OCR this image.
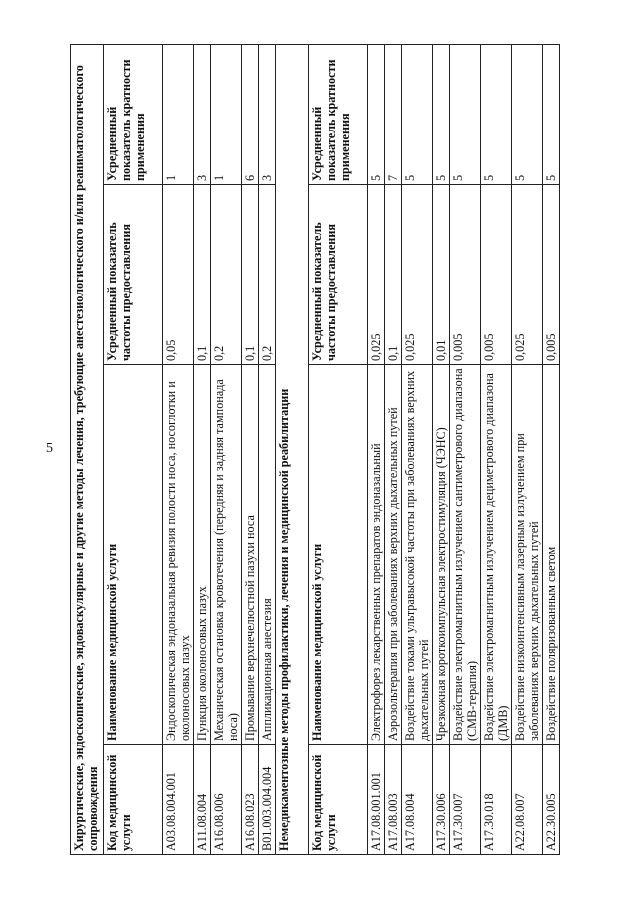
5 Хирургические, эндоскопические, эндоваскулярные и другие методы лечения, требующие анестезиологического и/или реаниматологического сопровождения			
Код медицинской услуги	Наименование медицинской услуги	Усредненный показатель частоты предоставления	Усредненный показатель кратности применения
A03.08.004.001	Эндоскопическая эндоназальная ревизия полости носа, носоглотки и околоносовых пазух	0,05	1
A11.08.004	Пункция околоносовых пазух	0,1	3
A16.08.006	Механическая остановка кровотечения (передняя и задняя тампонада носа)	0,2	1
A16.08.023	Промывание верхнечелюстной пазухи носа	0,1	6
B01.003.004.004	Аппликационная анестезия	0,2	3
Немедикаментозные методы профилактики, лечения и медицинской реабилитации			
Код медицинской услуги	Наименование медицинской услуги	Усредненный показатель частоты предоставления	Усредненный показатель кратности применения
A17.08.001.001	Электрофорез лекарственных препаратов эндоназальный	0,025	5
A17.08.003	Аэрозольтерапия при заболеваниях верхних дыхательных путей	0,1	7
A17.08.004	Воздействие токами ультравысокой частоты при заболеваниях верхних дыхательных путей	0,025	5
A17.30.006	Чрезкожная короткоимпульсная электростимуляция (ЧЭНС)	0,01	5
A17.30.007	Воздействие электромагнитным излучением сантиметрового диапазона (СМВ-терапия)	0,005	5
A17.30.018	Воздействие электромагнитным излучением дециметрового диапазона (ДМВ)	0,005	5
A22.08.007	Воздействие низкоинтенсивным лазерным излучением при заболеваниях верхних дыхательных путей	0,025	5
A22.30.005	Воздействие поляризованным светом	0,005	5
